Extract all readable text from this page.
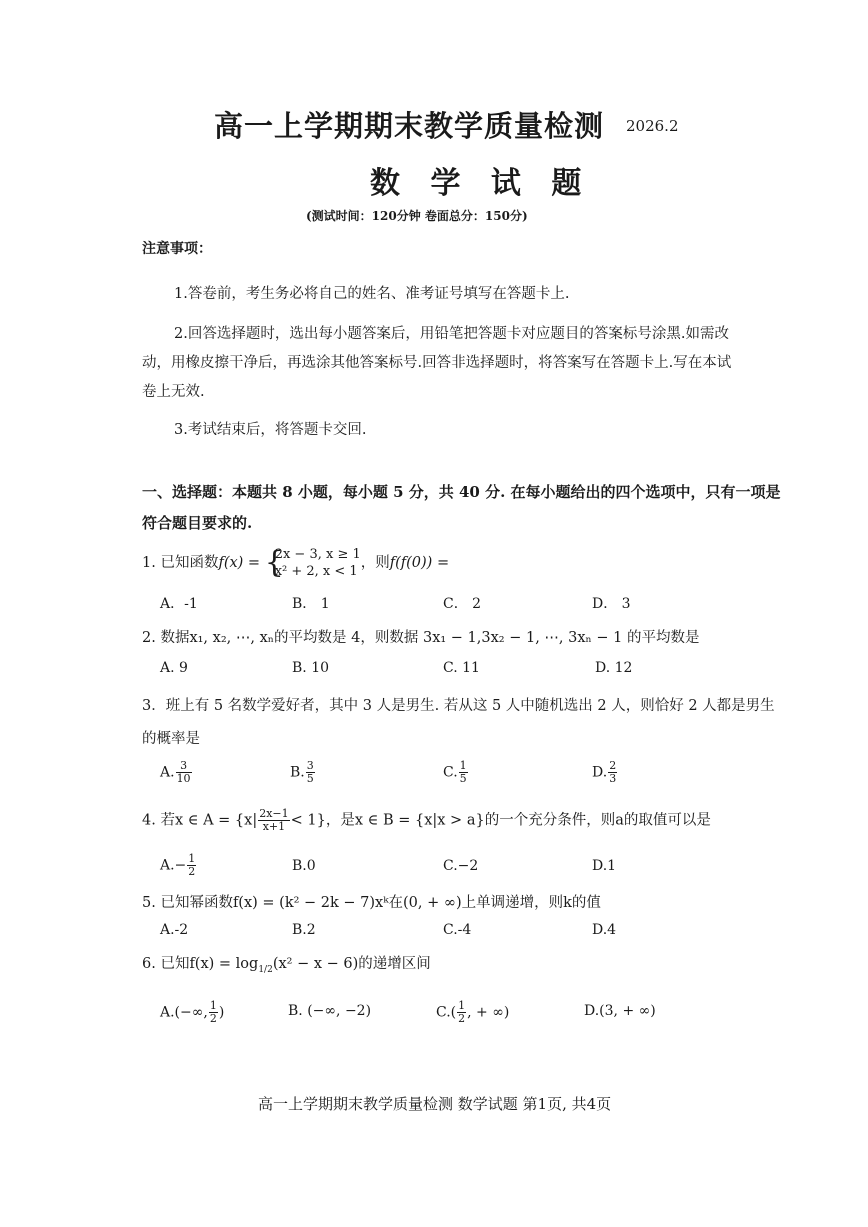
高一上学期期末教学质量检测 2026.2
数 学 试 题
(测试时间：120分钟 卷面总分：150分)
注意事项：
1.答卷前，考生务必将自己的姓名、准考证号填写在答题卡上.
2.回答选择题时，选出每小题答案后，用铅笔把答题卡对应题目的答案标号涂黑.如需改动，用橡皮擦干净后，再选涂其他答案标号.回答非选择题时，将答案写在答题卡上.写在本试卷上无效.
3.考试结束后，将答题卡交回.
一、选择题：本题共 8 小题，每小题 5 分，共 40 分. 在每小题给出的四个选项中，只有一项是
符合题目要求的.
1. 已知函数f(x) = {
2x − 3, x ≥ 1
x² + 2, x < 1
，则f(f(0)) =
A．-1	B． 1	C． 2	D． 3
2. 数据x₁, x₂, ⋯, xₙ的平均数是 4，则数据 3x₁ − 1,3x₂ − 1, ⋯, 3xₙ − 1 的平均数是
A. 9	B. 10	C. 11	D. 12
3．班上有 5 名数学爱好者，其中 3 人是男生. 若从这 5 人中随机选出 2 人，则恰好 2 人都是男生
的概率是
A. $\frac{3}{10}$	B. $\frac{3}{5}$	C. $\frac{1}{5}$	D. $\frac{2}{3}$
4. 若x ∈ $A = \{x| \frac{2x-1}{x+1} < 1\}$，是x ∈ B = {x|x > a}的一个充分条件，则a的取值可以是
$A.- \frac{1}{2}$	B.0	C.−2	D.1
5. 已知幂函数f(x) = (k² − 2k − 7)xᵏ在(0, + ∞)上单调递增，则k的值
A.-2	B.2	C.-4	D.4
6. 已知$f(x) = \log_{1/2}(x^2 - x - 6)$的递增区间
A.(−∞, $\frac{1}{2}$ )	B. (−∞, −2)	$C.( \frac{1}{2}$ , + ∞)	D.(3, + ∞)
高一上学期期末教学质量检测 数学试题 第1页, 共4页
